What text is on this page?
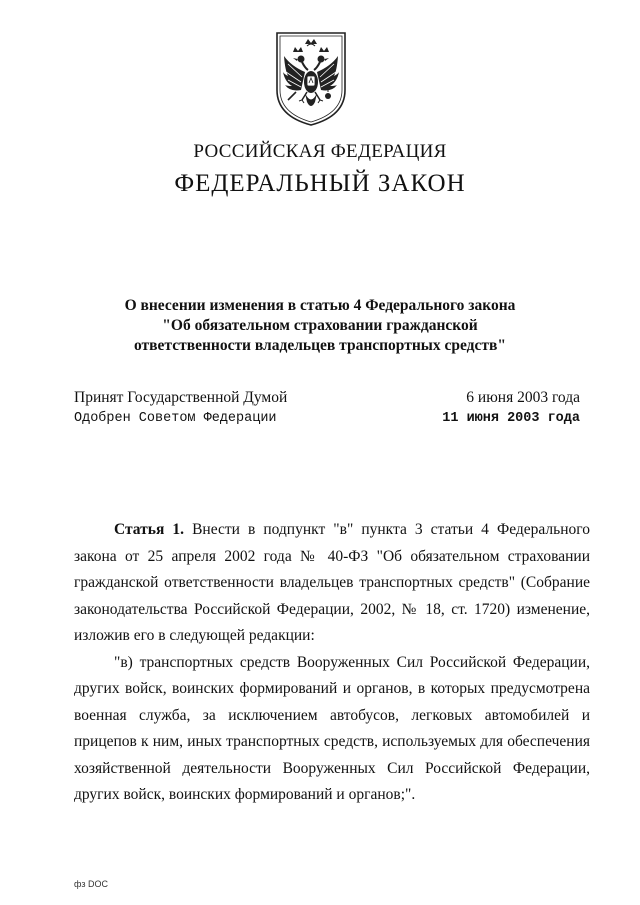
РОССИЙСКАЯ ФЕДЕРАЦИЯ
ФЕДЕРАЛЬНЫЙ ЗАКОН
О внесении изменения в статью 4 Федерального закона
"Об обязательном страховании гражданской
ответственности владельцев транспортных средств"
Принят Государственной Думой	6 июня 2003 года
Одобрен Советом Федерации	11 июня 2003 года

Статья 1. Внести в подпункт "в" пункта 3 статьи 4 Федерального закона от 25 апреля 2002 года № 40-ФЗ "Об обязательном страховании гражданской ответственности владельцев транспортных средств" (Собрание законодательства Российской Федерации, 2002, № 18, ст. 1720) изменение, изложив его в следующей редакции:

"в) транспортных средств Вооруженных Сил Российской Федерации, других войск, воинских формирований и органов, в которых предусмотрена военная служба, за исключением автобусов, легковых автомобилей и прицепов к ним, иных транспортных средств, используемых для обеспечения хозяйственной деятельности Вооруженных Сил Российской Федерации, других войск, воинских формирований и органов;".

фз DOC
